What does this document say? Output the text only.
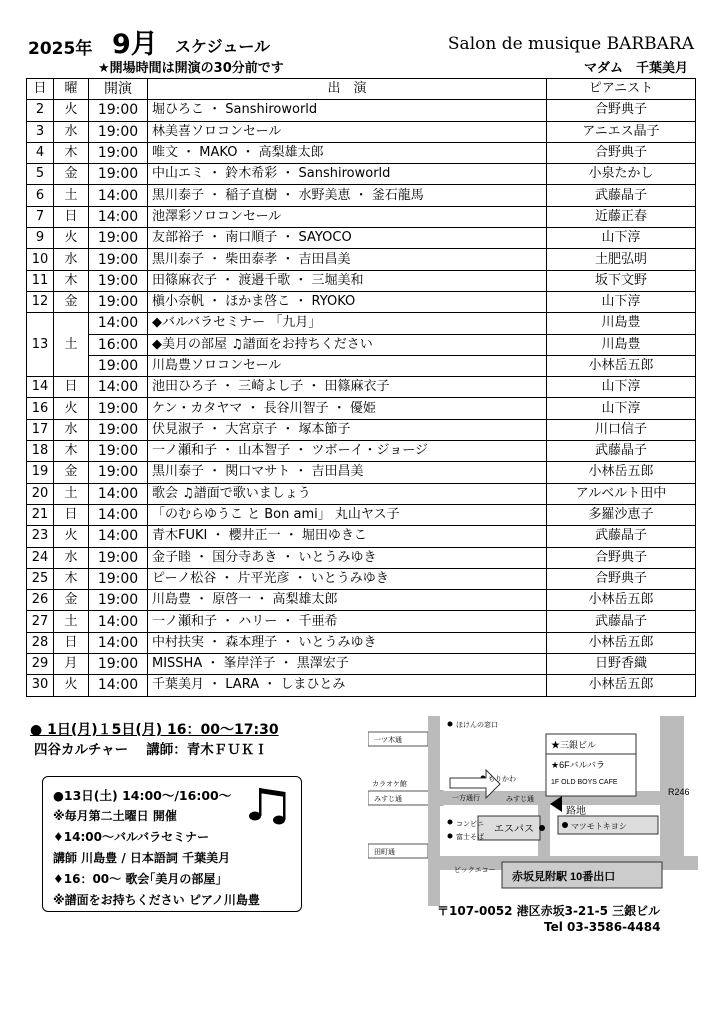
2025年 9月 スケジュール	Salon de musique BARBARA
★開場時間は開演の30分前です	マダム　千葉美月
日	曜	開演	出　演	ピアニスト
2	火	19:00	堀ひろこ ・ Sanshiroworld	合野典子
3	水	19:00	林美喜ソロコンセール	アニエス晶子
4	木	19:00	唯文 ・ MAKO ・ 高梨雄太郎	合野典子
5	金	19:00	中山エミ ・ 鈴木希彩 ・ Sanshiroworld	小泉たかし
6	土	14:00	黒川泰子 ・ 稲子直樹 ・ 水野美恵 ・ 釜石龍馬	武藤晶子
7	日	14:00	池澤彩ソロコンセール	近藤正春
9	火	19:00	友部裕子 ・ 南口順子 ・ SAYOCO	山下淳
10	水	19:00	黒川泰子 ・ 柴田泰孝 ・ 吉田昌美	土肥弘明
11	木	19:00	田篠麻衣子 ・ 渡邉千歌 ・ 三堀美和	坂下文野
12	金	19:00	槇小奈帆 ・ ほかま啓こ ・ RYOKO	山下淳
13	土	14:00	◆バルバラセミナー 「九月」	川島豊
		16:00	◆美月の部屋 ♫譜面をお持ちください	川島豊
		19:00	川島豊ソロコンセール	小林岳五郎
14	日	14:00	池田ひろ子 ・ 三崎よし子 ・ 田篠麻衣子	山下淳
16	火	19:00	ケン・カタヤマ ・ 長谷川智子 ・ 優姫	山下淳
17	水	19:00	伏見淑子 ・ 大宮京子 ・ 塚本節子	川口信子
18	木	19:00	一ノ瀬和子 ・ 山本智子 ・ ツボーイ・ジョージ	武藤晶子
19	金	19:00	黒川泰子 ・ 関口マサト ・ 吉田昌美	小林岳五郎
20	土	14:00	歌会 ♫譜面で歌いましょう	アルベルト田中
21	日	14:00	「のむらゆうこ と Bon ami」 丸山ヤス子	多羅沙恵子
23	火	14:00	青木FUKI ・ 櫻井正一 ・ 堀田ゆきこ	武藤晶子
24	水	19:00	金子睦 ・ 国分寺あき ・ いとうみゆき	合野典子
25	木	19:00	ピーノ松谷 ・ 片平光彦 ・ いとうみゆき	合野典子
26	金	19:00	川島豊 ・ 原啓一 ・ 高梨雄太郎	小林岳五郎
27	土	14:00	一ノ瀬和子 ・ ハリー ・ 千亜希	武藤晶子
28	日	14:00	中村扶実 ・ 森本理子 ・ いとうみゆき	小林岳五郎
29	月	19:00	MISSHA ・ 峯岸洋子 ・ 黒澤宏子	日野香織
30	火	14:00	千葉美月 ・ LARA ・ しまひとみ	小林岳五郎
● 1日(月)１5日(月) 16：00～17:30
四谷カルチャー　 講師：青木ＦＵＫＩ
●13日(土) 14:00～/16:00～
※毎月第二土曜日 開催
♦14:00～バルバラセミナー
講師 川島豊 / 日本語詞 千葉美月
♦16：00～ 歌会｢美月の部屋｣
※譜面をお持ちください ピアノ川島豊
ほけんの窓口
一ツ木通
カラオケ館
みすじ通
田町通
もりかわ
一方通行	みすじ通
コンビニ
富士そば
エスパス
★三銀ビル
★6Fバルバラ
1F OLD BOYS CAFE
R246
路地
マツモトキヨシ
ビックエコー
赤坂見附駅 10番出口
〒107-0052 港区赤坂3-21-5 三銀ビル
Tel 03-3586-4484
